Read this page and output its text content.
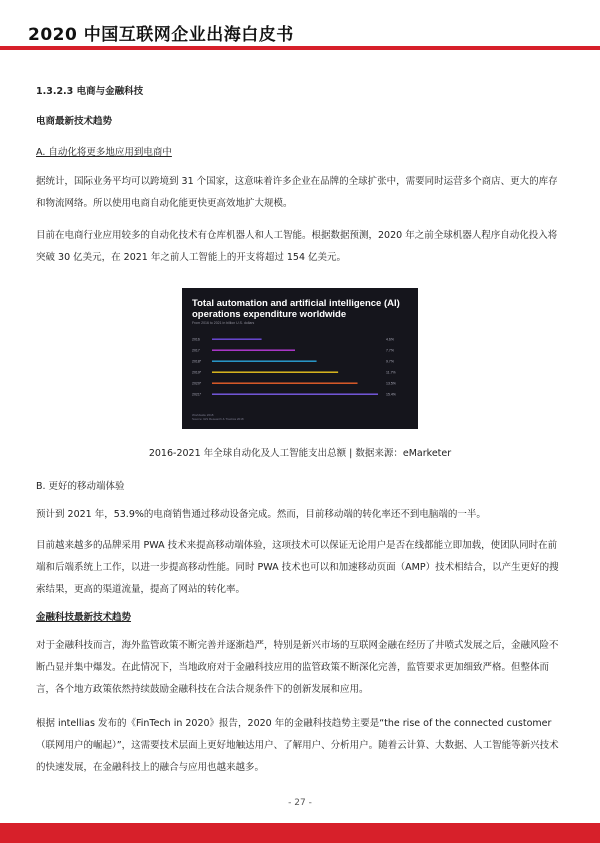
2020 中国互联网企业出海白皮书
1.3.2.3 电商与金融科技
电商最新技术趋势
A. 自动化将更多地应用到电商中
据统计，国际业务平均可以跨境到 31 个国家，这意味着许多企业在品牌的全球扩张中，需要同时运营多个商店、更大的库存和物流网络。所以使用电商自动化能更快更高效地扩大规模。
目前在电商行业应用较多的自动化技术有仓库机器人和人工智能。根据数据预测，2020 年之前全球机器人程序自动化投入将突破 30 亿美元，在 2021 年之前人工智能上的开支将超过 154 亿美元。
Total automation and artificial intelligence (AI) operations expenditure worldwide
From 2016 to 2021 in billion U.S. dollars
2016	4.6%
2017	7.7%
2018*	9.7%
2019*	11.7%
2020*	13.5%
2021*	15.4%
Worldwide 2018
Source: IHS Research & Tractica 2018
2016-2021 年全球自动化及人工智能支出总额 | 数据来源：eMarketer
B. 更好的移动端体验
预计到 2021 年，53.9%的电商销售通过移动设备完成。然而，目前移动端的转化率还不到电脑端的一半。
目前越来越多的品牌采用 PWA 技术来提高移动端体验，这项技术可以保证无论用户是否在线都能立即加载，使团队同时在前端和后端系统上工作，以进一步提高移动性能。同时 PWA 技术也可以和加速移动页面（AMP）技术相结合，以产生更好的搜索结果，更高的渠道流量，提高了网站的转化率。
金融科技最新技术趋势
对于金融科技而言，海外监管政策不断完善并逐渐趋严，特别是新兴市场的互联网金融在经历了井喷式发展之后，金融风险不断凸显并集中爆发。在此情况下，当地政府对于金融科技应用的监管政策不断深化完善，监管要求更加细致严格。但整体而言，各个地方政策依然持续鼓励金融科技在合法合规条件下的创新发展和应用。
根据 intellias 发布的《FinTech in 2020》报告，2020 年的金融科技趋势主要是“the rise of the connected customer（联网用户的崛起）”，这需要技术层面上更好地触达用户、了解用户、分析用户。随着云计算、大数据、人工智能等新兴技术的快速发展，在金融科技上的融合与应用也越来越多。
- 27 -
